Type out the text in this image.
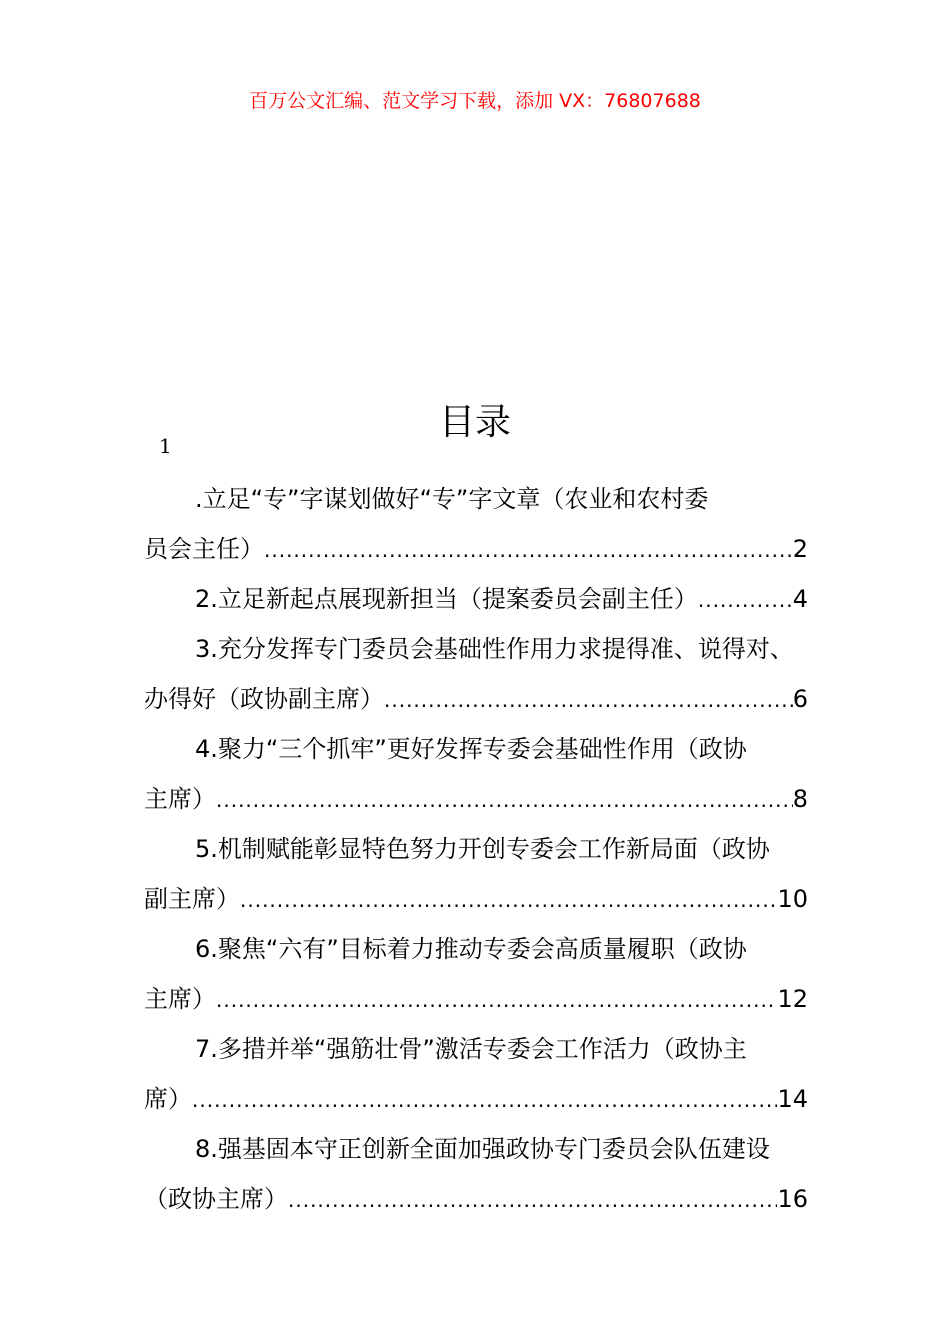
百万公文汇编、范文学习下载，添加 VX：76807688
目录
1
.立足“专”字谋划做好“专”字文章（农业和农村委
员会主任） .....	2
2.立足新起点展现新担当（提案委员会副主任） .....	4
3.充分发挥专门委员会基础性作用力求提得准、说得对、
办得好（政协副主席） .....	6
4.聚力“三个抓牢”更好发挥专委会基础性作用（政协
主席） .....	8
5.机制赋能彰显特色努力开创专委会工作新局面（政协
副主席） .....	10
6.聚焦“六有”目标着力推动专委会高质量履职（政协
主席） .....	12
7.多措并举“强筋壮骨”激活专委会工作活力（政协主
席） .....	14
8.强基固本守正创新全面加强政协专门委员会队伍建设
（政协主席） .....	16
